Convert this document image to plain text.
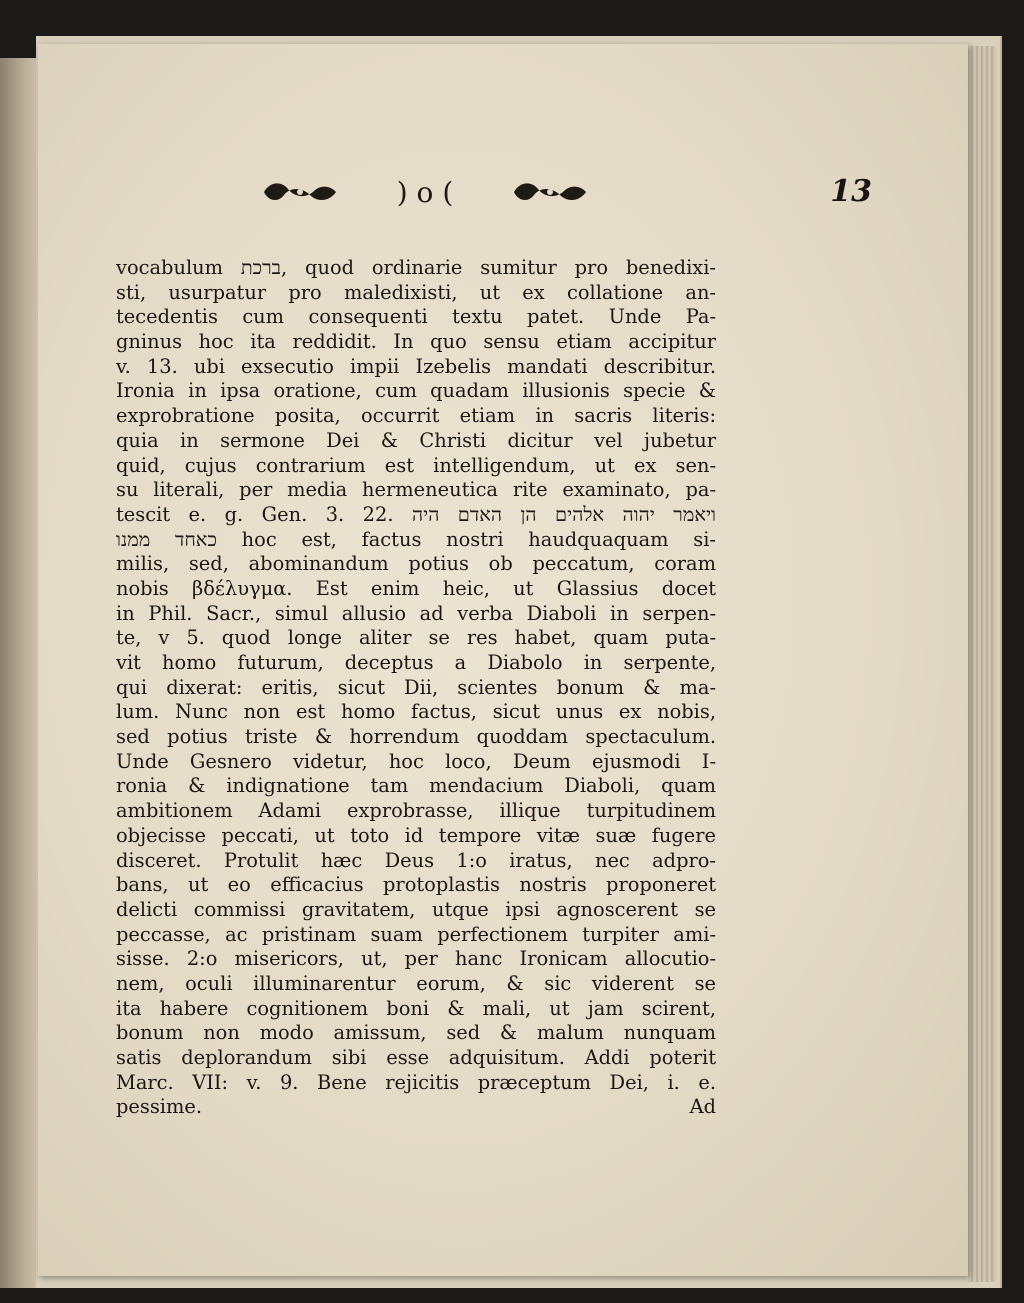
) o (	13
vocabulum ברכת, quod ordinarie sumitur pro benedixi-
sti, usurpatur pro maledixisti, ut ex collatione an-
tecedentis cum consequenti textu patet. Unde Pa-
gninus hoc ita reddidit. In quo sensu etiam accipitur
v. 13. ubi exsecutio impii Izebelis mandati describitur.
Ironia in ipsa oratione, cum quadam illusionis specie &
exprobratione posita, occurrit etiam in sacris literis:
quia in sermone Dei & Christi dicitur vel jubetur
quid, cujus contrarium est intelligendum, ut ex sen-
su literali, per media hermeneutica rite examinato, pa-
tescit e. g. Gen. 3. 22. ויאמר יהוה אלהים הן האדם היה
כאחד ממנו hoc est, factus nostri haudquaquam si-
milis, sed, abominandum potius ob peccatum, coram
nobis βδέλυγμα. Est enim heic, ut Glassius docet
in Phil. Sacr., simul allusio ad verba Diaboli in serpen-
te, v 5. quod longe aliter se res habet, quam puta-
vit homo futurum, deceptus a Diabolo in serpente,
qui dixerat: eritis, sicut Dii, scientes bonum & ma-
lum. Nunc non est homo factus, sicut unus ex nobis,
sed potius triste & horrendum quoddam spectaculum.
Unde Gesnero videtur, hoc loco, Deum ejusmodi I-
ronia & indignatione tam mendacium Diaboli, quam
ambitionem Adami exprobrasse, illique turpitudinem
objecisse peccati, ut toto id tempore vitæ suæ fugere
disceret. Protulit hæc Deus 1:o iratus, nec adpro-
bans, ut eo efficacius protoplastis nostris proponeret
delicti commissi gravitatem, utque ipsi agnoscerent se
peccasse, ac pristinam suam perfectionem turpiter ami-
sisse. 2:o misericors, ut, per hanc Ironicam allocutio-
nem, oculi illuminarentur eorum, & sic viderent se
ita habere cognitionem boni & mali, ut jam scirent,
bonum non modo amissum, sed & malum nunquam
satis deplorandum sibi esse adquisitum. Addi poterit
Marc. VII: v. 9. Bene rejicitis præceptum Dei, i. e.
pessime.	Ad
